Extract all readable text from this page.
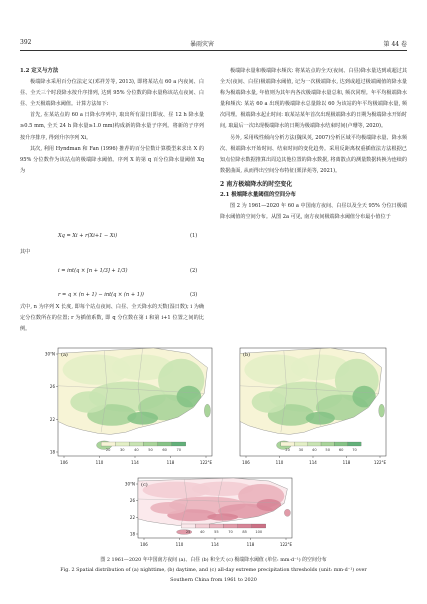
392	暴雨灾害	第 44 卷

1.2 定义与方法

极端降水采用百分位法定义(邓祥芳等, 2013), 即将某站点 60 a 内夜间、白昼、全天三个时段降水按升序排列, 达到 95% 分位数的降水量称该站点夜间、白昼、全天极端降水阈值。计算方法如下:

首先, 在某站点的 60 a 日降水序列中, 取出所有湿日(即夜、昼 12 h 降水量≥0.5 mm, 全天 24 h 降水量≥1.0 mm)构成新的降水量子序列。将新的子序列按升序排序, 得到升序序列 Xi。

其次, 利用 Hyndman 和 Fan (1996) 推荐的百分位数计算模型来求出 X 的 95% 分位数作为该站点的极端降水阈值。序列 X 的第 q 百分位降水量阈值 Xq 为

Xq = Xi + r(Xi+1 − Xi)	(1)
其中
i = int(q × [n + 1/3] + 1/3)	(2)
r = q × (n + 1) − int(q × (n + 1))	(3)

式中, n 为序列 X 长度, 即每个站点夜间、白昼、全天降水的天数(湿日数); i 为确定分位数所在的位置; r 为插值系数, 即 q 分位数在第 i 和第 i+1 位置之间的比例。

极端降水量和极端降水频次: 将某站点的全天(夜间、白昼)降水量达到或超过其全天(夜间、白昼)极端降水阈值, 记为一次极端降水, 达到或超过极端阈值的降水量称为极端降水量, 年值则为其年内各次极端降水量总和, 频次同理。年平均极端降水量和频次: 某站 60 a 出现的极端降水总量除以 60 为该站的年平均极端降水量, 频次同理。极端降水起止时间: 取某站某年首次出现极端降水的日期为极端降水开始时间, 取最后一次出现极端降水的日期为极端降水结束时间(卢珊等, 2020)。

另外, 采用线性倾向分析方法(魏凤英, 2007)分析区域平均极端降水量、降水频次、极端降水开始时间、结束时间的变化趋势。采用反距离权重插值法方法根据已知点位降水数据推算出周边其他位置的降水数据, 将离散点的测量数据转换为连续的数据曲面, 从而得出空间分布特征(栗泽苑等, 2021)。

2 南方极端降水的时空变化

2.1 极端降水量阈值的空间分布

图 2 为 1961—2020 年 60 a 中国南方夜间、白昼以及全天 95% 分位日极端降水阈值的空间分布。从图 2a 可见, 南方夜间极端降水阈值分布最小值位于

(a)
20	30	40	50	60	70
106	110	114	118	122°E
30°N
26
22
18
(b)
20 30 40 50 60 70
106	110	114	118	122°E
(c)
25	40	55	70	85 100
106	110	114	118	122°E
30°N
26
22
18
图 2 1961—2020 年中国南方夜间 (a)、白昼 (b) 和全天 (c) 极端降水阈值 (单位: mm·d⁻¹) 的空间分布
Fig. 2 Spatial distribution of (a) nighttime, (b) daytime, and (c) all-day extreme precipitation thresholds (unit: mm·d⁻¹) over
Southern China from 1961 to 2020
